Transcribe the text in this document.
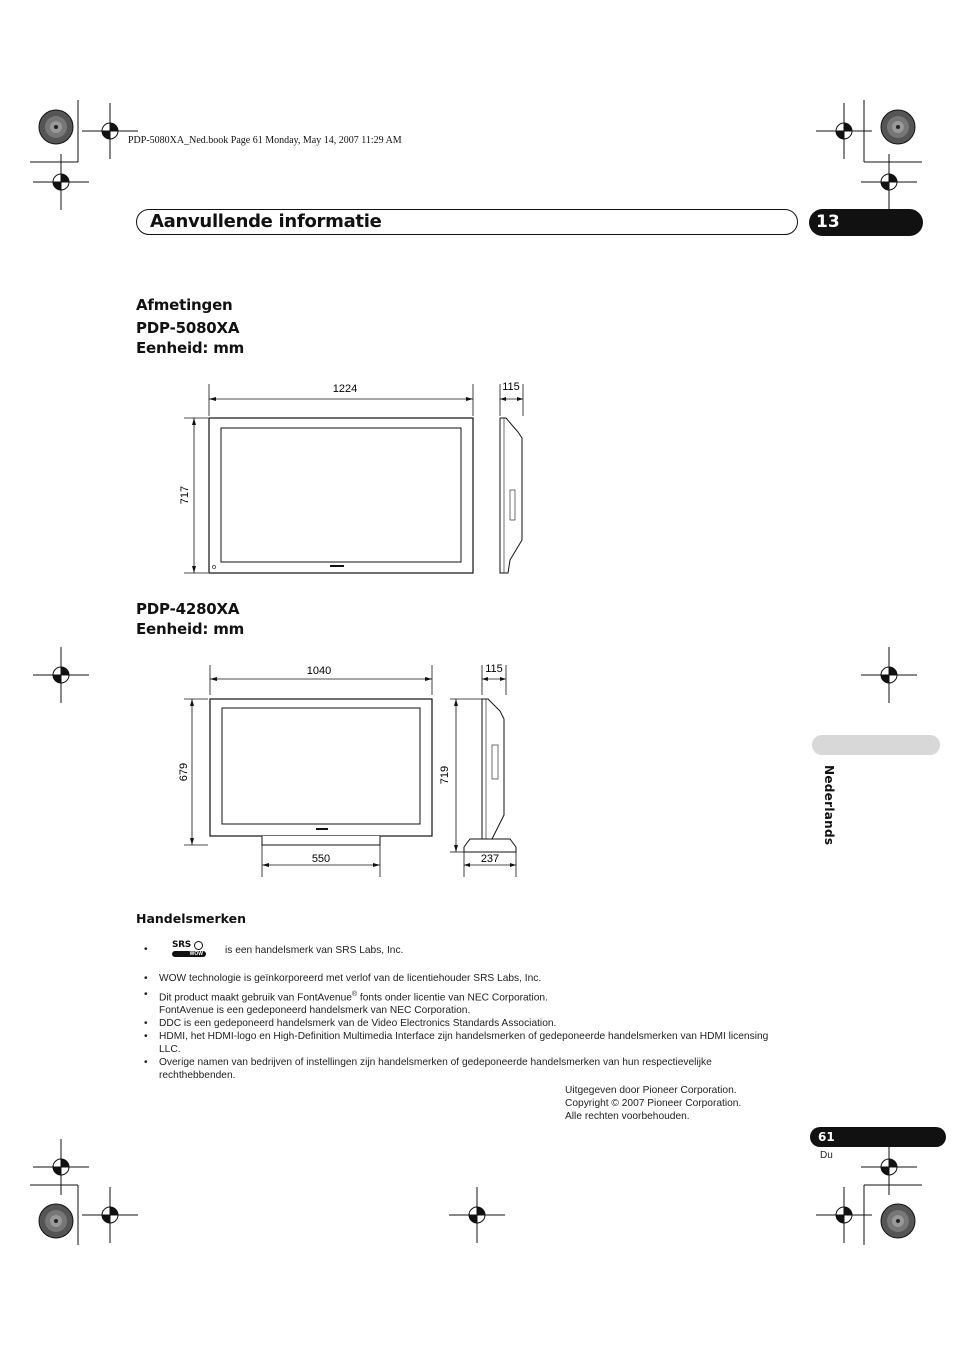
PDP-5080XA_Ned.book Page 61 Monday, May 14, 2007 11:29 AM
Aanvullende informatie	13
Afmetingen
PDP-5080XA
Eenheid: mm
1224
717
115
PDP-4280XA
Eenheid: mm
1040
679
550
719
115
237
Handelsmerken
•	SRS
WOW is een handelsmerk van SRS Labs, Inc.
• WOW technologie is geïnkorporeerd met verlof van de licentiehouder SRS Labs, Inc.
• Dit product maakt gebruik van FontAvenue® fonts onder licentie van NEC Corporation.
FontAvenue is een gedeponeerd handelsmerk van NEC Corporation.
• DDC is een gedeponeerd handelsmerk van de Video Electronics Standards Association.
• HDMI, het HDMI-logo en High-Definition Multimedia Interface zijn handelsmerken of gedeponeerde handelsmerken van HDMI licensing LLC.
• Overige namen van bedrijven of instellingen zijn handelsmerken of gedeponeerde handelsmerken van hun respectievelijke rechthebbenden.
Uitgegeven door Pioneer Corporation.
Copyright © 2007 Pioneer Corporation.
Alle rechten voorbehouden.
Nederlands
61
Du
